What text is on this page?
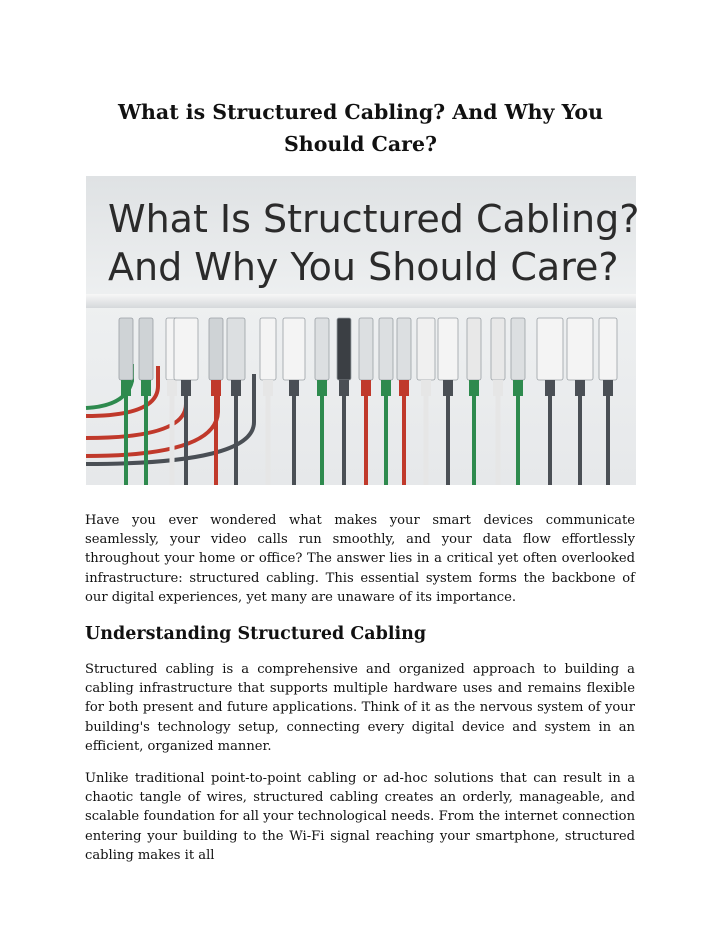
What is Structured Cabling? And Why You Should Care?
What Is Structured Cabling?
And Why You Should Care?

Have you ever wondered what makes your smart devices communicate seamlessly, your video calls run smoothly, and your data flow effortlessly throughout your home or office? The answer lies in a critical yet often overlooked infrastructure: structured cabling. This essential system forms the backbone of our digital experiences, yet many are unaware of its importance.

Understanding Structured Cabling

Structured cabling is a comprehensive and organized approach to building a cabling infrastructure that supports multiple hardware uses and remains flexible for both present and future applications. Think of it as the nervous system of your building's technology setup, connecting every digital device and system in an efficient, organized manner.

Unlike traditional point-to-point cabling or ad-hoc solutions that can result in a chaotic tangle of wires, structured cabling creates an orderly, manageable, and scalable foundation for all your technological needs. From the internet connection entering your building to the Wi-Fi signal reaching your smartphone, structured cabling makes it all
